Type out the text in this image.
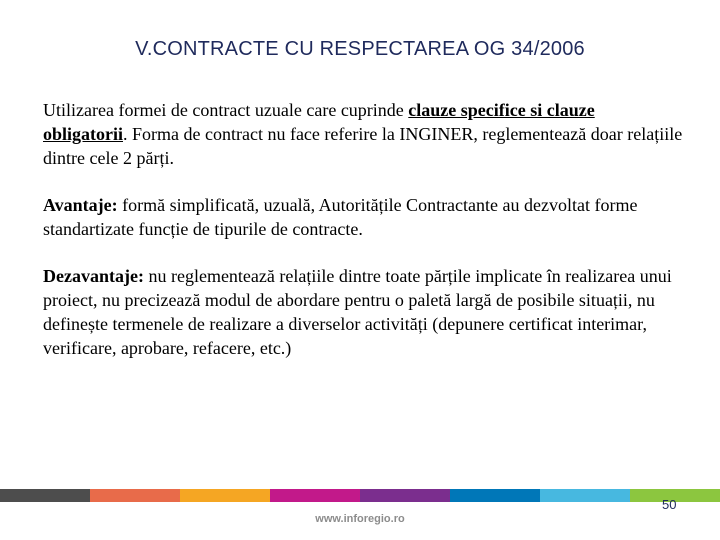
V.CONTRACTE CU RESPECTAREA OG 34/2006

Utilizarea formei de contract uzuale care cuprinde clauze specifice si clauze obligatorii. Forma de contract nu face referire la INGINER, reglementează doar relațiile dintre cele 2 părți.

Avantaje: formă simplificată, uzuală, Autoritățile Contractante au dezvoltat forme standartizate funcție de tipurile de contracte.

Dezavantaje: nu reglementează relațiile dintre toate părțile implicate în realizarea unui proiect, nu precizează modul de abordare pentru o paletă largă de posibile situații, nu definește termenele de realizare a diverselor activități (depunere certificat interimar, verificare, aprobare, refacere, etc.)

50
www.inforegio.ro
